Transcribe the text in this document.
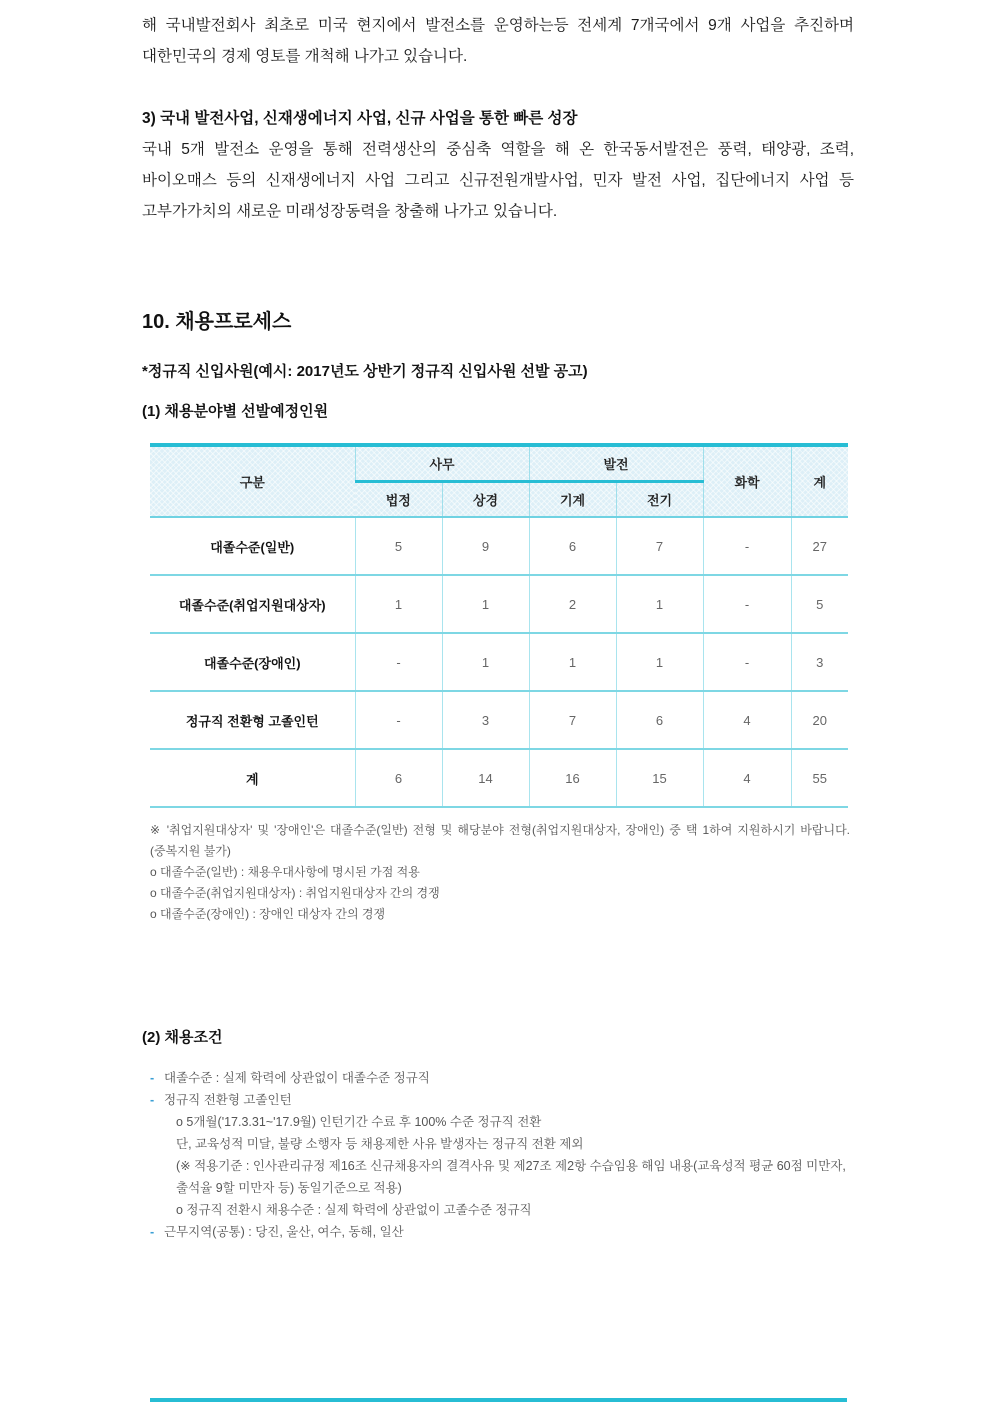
해 국내발전회사 최초로 미국 현지에서 발전소를 운영하는등 전세계 7개국에서 9개 사업을 추진하며 대한민국의 경제 영토를 개척해 나가고 있습니다.

3) 국내 발전사업, 신재생에너지 사업, 신규 사업을 통한 빠른 성장

국내 5개 발전소 운영을 통해 전력생산의 중심축 역할을 해 온 한국동서발전은 풍력, 태양광, 조력, 바이오매스 등의 신재생에너지 사업 그리고 신규전원개발사업, 민자 발전 사업, 집단에너지 사업 등 고부가가치의 새로운 미래성장동력을 창출해 나가고 있습니다.

10. 채용프로세스

*정규직 신입사원(예시: 2017년도 상반기 정규직 신입사원 선발 공고)

(1) 채용분야별 선발예정인원

구분	사무		발전		화학	계
	법정	상경	기계	전기		
대졸수준(일반)	5	9	6	7	-	27
대졸수준(취업지원대상자)	1	1	2	1	-	5
대졸수준(장애인)	-	1	1	1	-	3
정규직 전환형 고졸인턴	-	3	7	6	4	20
계	6	14	16	15	4	55

※ '취업지원대상자' 및 '장애인'은 대졸수준(일반) 전형 및 해당분야 전형(취업지원대상자, 장애인) 중 택 1하여 지원하시기 바랍니다.(중복지원 불가)

o 대졸수준(일반) : 채용우대사항에 명시된 가점 적용

o 대졸수준(취업지원대상자) : 취업지원대상자 간의 경쟁

o 대졸수준(장애인) : 장애인 대상자 간의 경쟁

(2) 채용조건

- 대졸수준 : 실제 학력에 상관없이 대졸수준 정규직

- 정규직 전환형 고졸인턴

o 5개월('17.3.31~'17.9월) 인턴기간 수료 후 100% 수준 정규직 전환

단, 교육성적 미달, 불량 소행자 등 채용제한 사유 발생자는 정규직 전환 제외

(※ 적용기준 : 인사관리규정 제16조 신규채용자의 결격사유 및 제27조 제2항 수습임용 해임 내용(교육성적 평균 60점 미만자, 출석율 9할 미만자 등) 동일기준으로 적용)

o 정규직 전환시 채용수준 : 실제 학력에 상관없이 고졸수준 정규직

- 근무지역(공통) : 당진, 울산, 여수, 동해, 일산
